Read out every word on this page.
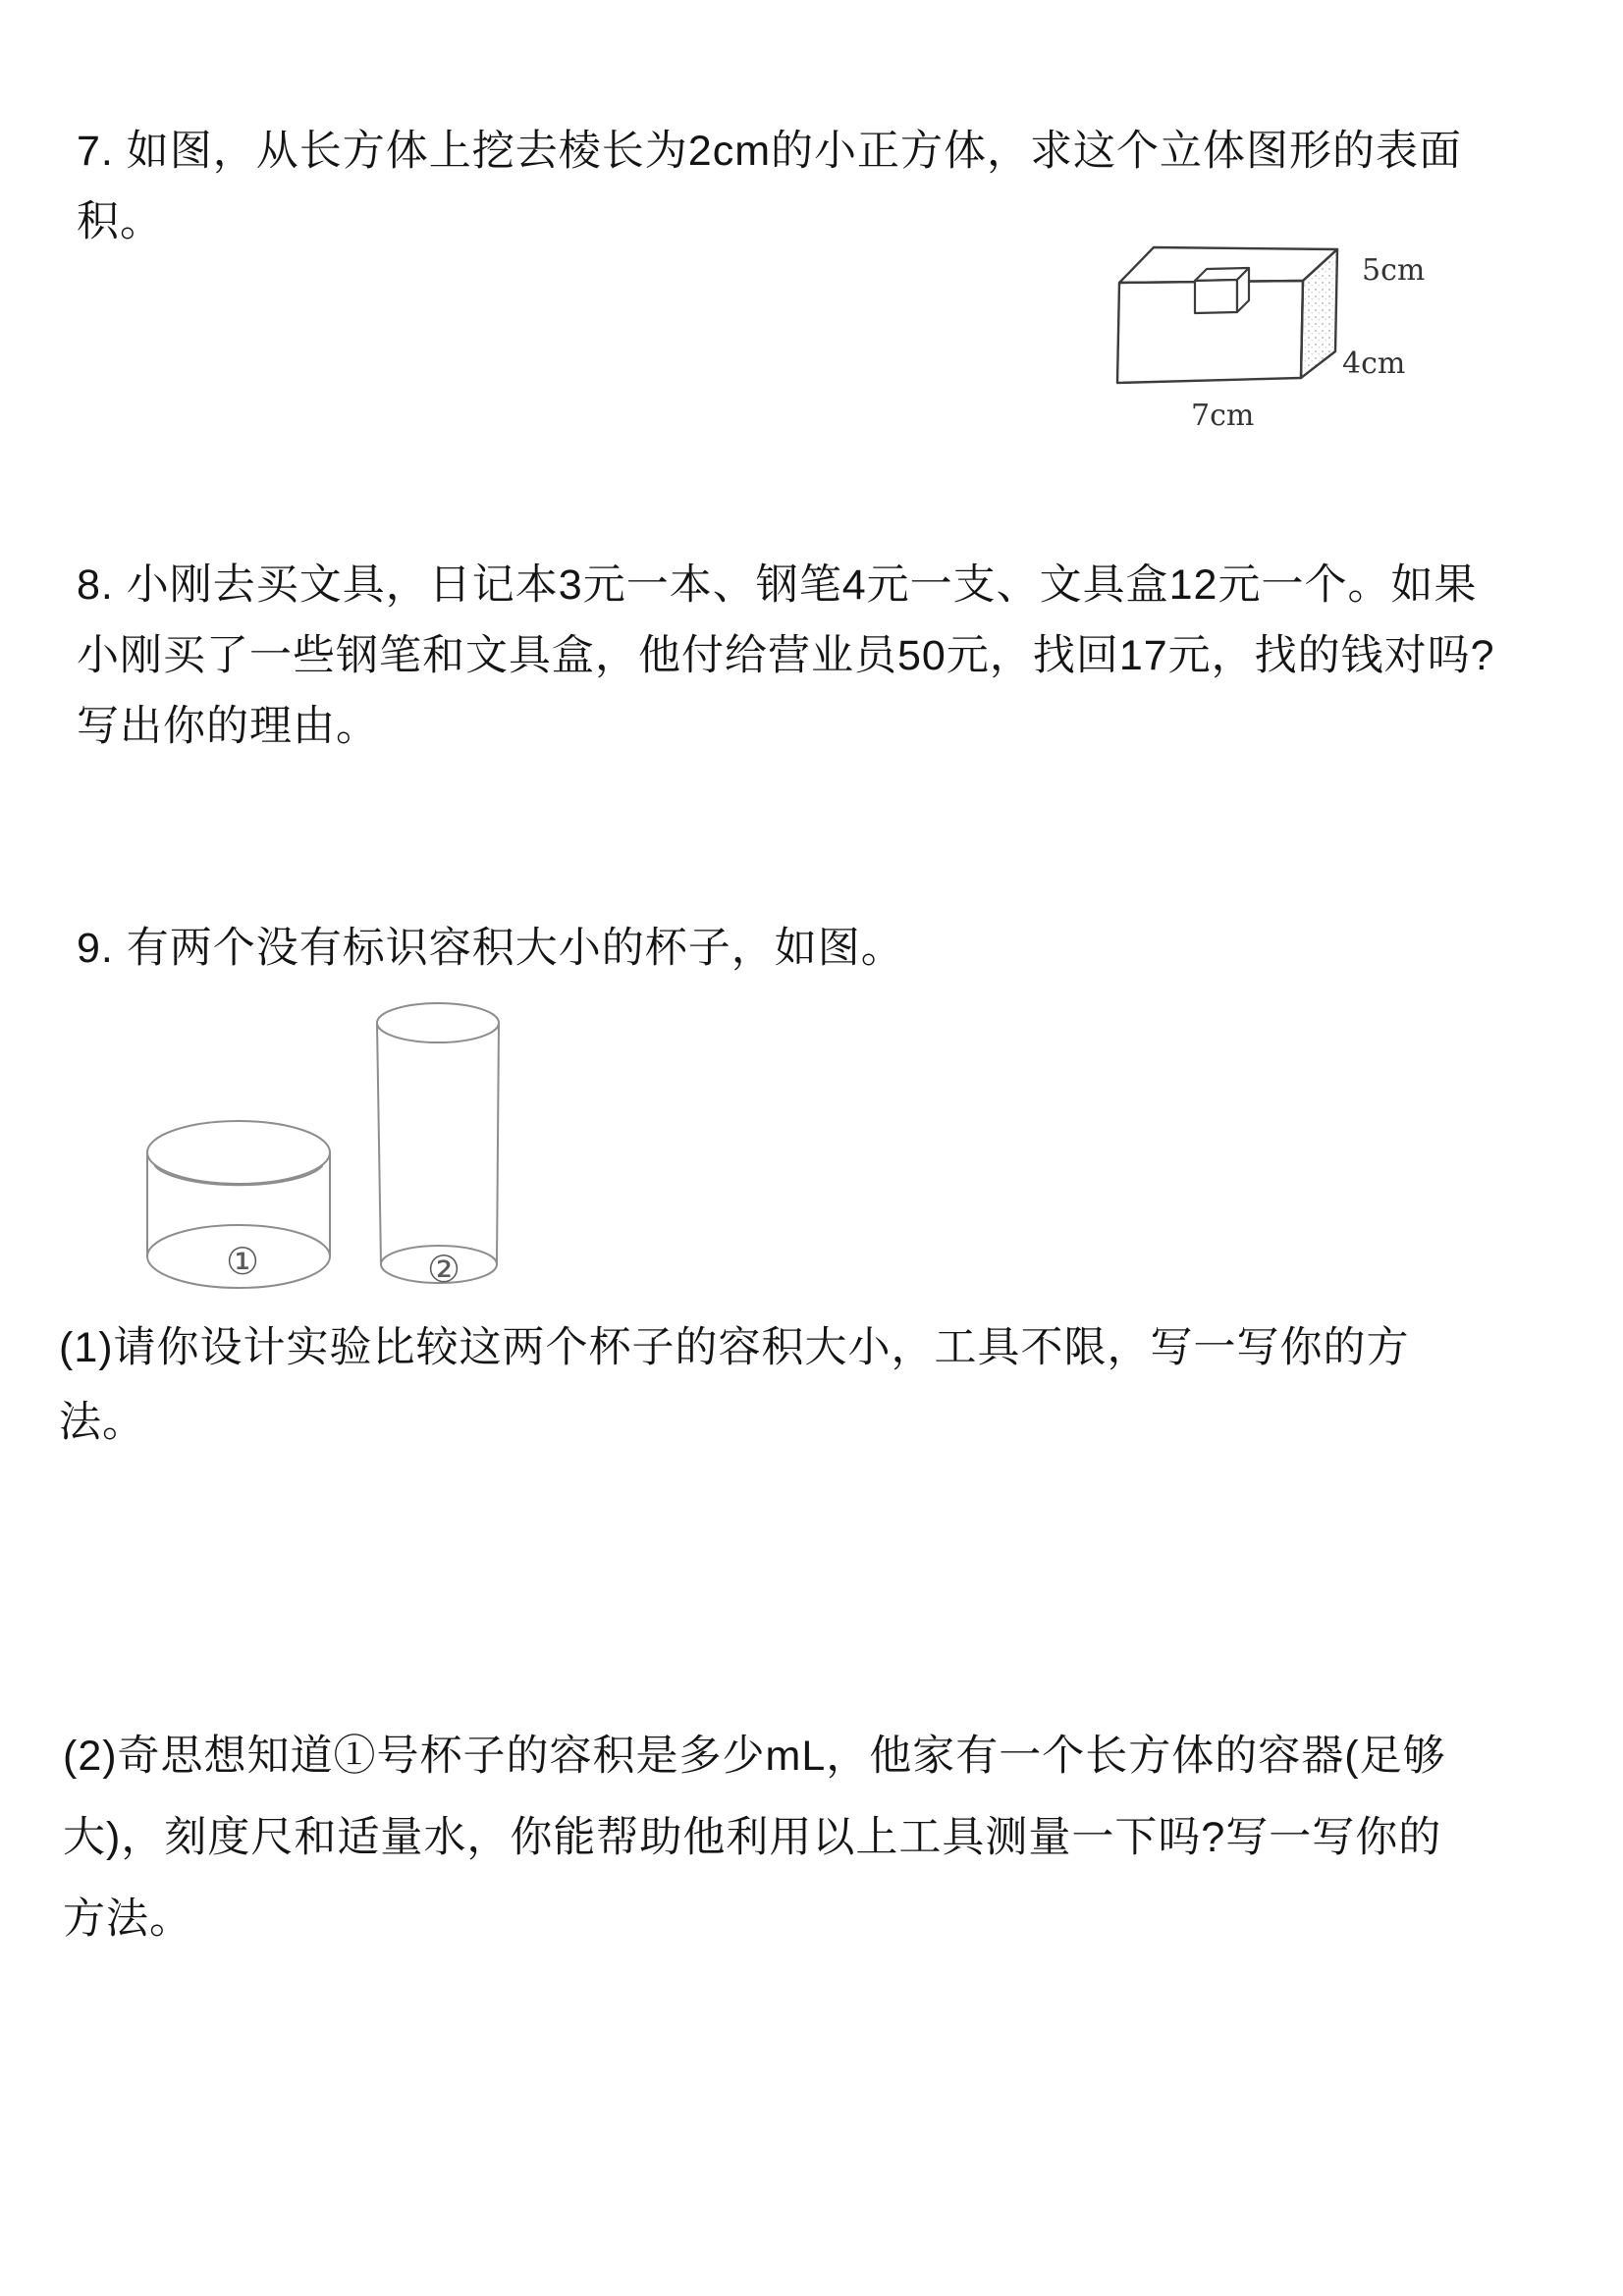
7. 如图，从长方体上挖去棱长为2cm的小正方体，求这个立体图形的表面
积。
5cm
4cm
7cm
8. 小刚去买文具，日记本3元一本、钢笔4元一支、文具盒12元一个。如果
小刚买了一些钢笔和文具盒，他付给营业员50元，找回17元，找的钱对吗?
写出你的理由。
9. 有两个没有标识容积大小的杯子，如图。
①	②
(1)请你设计实验比较这两个杯子的容积大小，工具不限，写一写你的方
法。
(2)奇思想知道①号杯子的容积是多少mL，他家有一个长方体的容器(足够
大)，刻度尺和适量水，你能帮助他利用以上工具测量一下吗?写一写你的
方法。
